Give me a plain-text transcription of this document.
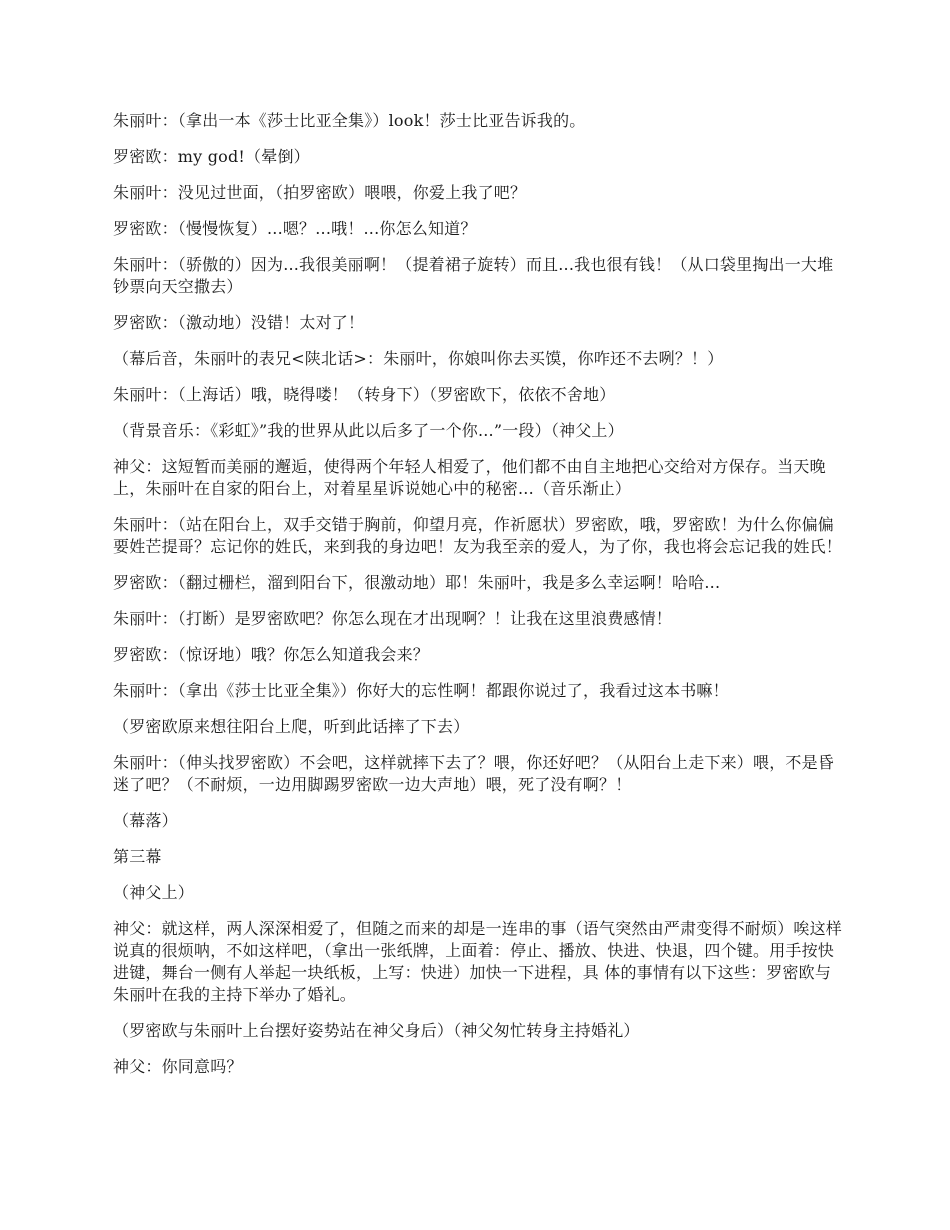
朱丽叶：（拿出一本《莎士比亚全集》）look！莎士比亚告诉我的。

罗密欧：my god!（晕倒）

朱丽叶：没见过世面，（拍罗密欧）喂喂，你爱上我了吧？

罗密欧：（慢慢恢复）...嗯？...哦！...你怎么知道？

朱丽叶：（骄傲的）因为...我很美丽啊！（提着裙子旋转）而且...我也很有钱！（从口袋里掏出一大堆钞票向天空撒去）

罗密欧：（激动地）没错！太对了！

（幕后音，朱丽叶的表兄<陕北话>：朱丽叶，你娘叫你去买馍，你咋还不去咧？！）

朱丽叶：（上海话）哦，晓得喽！（转身下）（罗密欧下，依依不舍地）

（背景音乐：《彩虹》”我的世界从此以后多了一个你...”一段）（神父上）

神父：这短暂而美丽的邂逅，使得两个年轻人相爱了，他们都不由自主地把心交给对方保存。当天晚上，朱丽叶在自家的阳台上，对着星星诉说她心中的秘密...（音乐渐止）

朱丽叶：（站在阳台上，双手交错于胸前，仰望月亮，作祈愿状）罗密欧，哦，罗密欧！为什么你偏偏要姓芒提哥？忘记你的姓氏，来到我的身边吧！友为我至亲的爱人，为了你，我也将会忘记我的姓氏！

罗密欧：（翻过栅栏，溜到阳台下，很激动地）耶！朱丽叶，我是多么幸运啊！哈哈...

朱丽叶：（打断）是罗密欧吧？你怎么现在才出现啊？！让我在这里浪费感情！

罗密欧：（惊讶地）哦？你怎么知道我会来？

朱丽叶：（拿出《莎士比亚全集》）你好大的忘性啊！都跟你说过了，我看过这本书嘛！

（罗密欧原来想往阳台上爬，听到此话摔了下去）

朱丽叶：（伸头找罗密欧）不会吧，这样就摔下去了？喂，你还好吧？（从阳台上走下来）喂，不是昏迷了吧？（不耐烦，一边用脚踢罗密欧一边大声地）喂，死了没有啊？！

（幕落）

第三幕

（神父上）

神父：就这样，两人深深相爱了，但随之而来的却是一连串的事（语气突然由严肃变得不耐烦）唉这样说真的很烦呐，不如这样吧，（拿出一张纸牌，上面着：停止、播放、快进、快退，四个键。用手按快进键，舞台一侧有人举起一块纸板，上写：快进）加快一下进程，具 体的事情有以下这些：罗密欧与朱丽叶在我的主持下举办了婚礼。

（罗密欧与朱丽叶上台摆好姿势站在神父身后）（神父匆忙转身主持婚礼）

神父：你同意吗？
